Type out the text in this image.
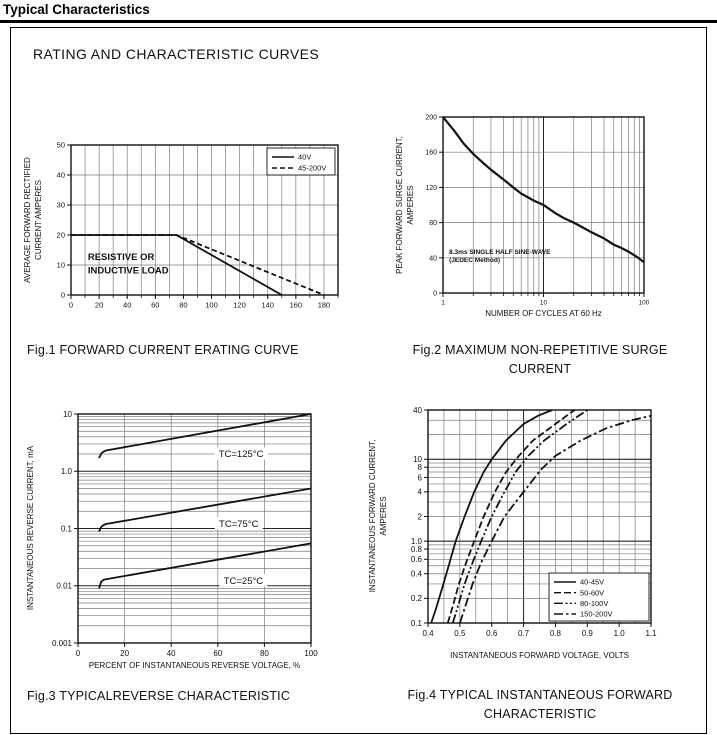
Typical Characteristics
RATING AND CHARACTERISTIC CURVES
0	20	40	60	80 100 120 140 160 180
0
10
20
30
40
50
RESISTIVE OR
INDUCTIVE LOAD
40V
45-200V
AVERAGE FORWARD RECTIFIED CURRENT AMPERES
1	10	100
0
40
80
120
160
200
8.3ms SINGLE HALF SINE-WAVE
(JEDEC Method)
PEAK FORWARD SURGE CURRENT, AMPERES
NUMBER OF CYCLES AT 60 Hz
0	20	40	60	80	100
10
1.0
0.1
0.01
0.001
TC=125°C
TC=75°C
TC=25°C
INSTANTANEOUS REVERSE CURRENT, mA
PERCENT OF INSTANTANEOUS REVERSE VOLTAGE, %
0.4	0.5	0.6	0.7	0.8	0.9	1.0	1.1
40
10
8
6
4
2
1.0
0.8
0.6
0.4
0.2
0.1
40-45V
50-60V
80-100V
150-200V
INSTANTANEOUS FORWARD CURRENT, AMPERES
INSTANTANEOUS FORWARD VOLTAGE, VOLTS
Fig.1 FORWARD CURRENT ERATING CURVE	Fig.2 MAXIMUM NON-REPETITIVE SURGE
CURRENT
Fig.3 TYPICALREVERSE CHARACTERISTIC	Fig.4 TYPICAL INSTANTANEOUS FORWARD
CHARACTERISTIC
